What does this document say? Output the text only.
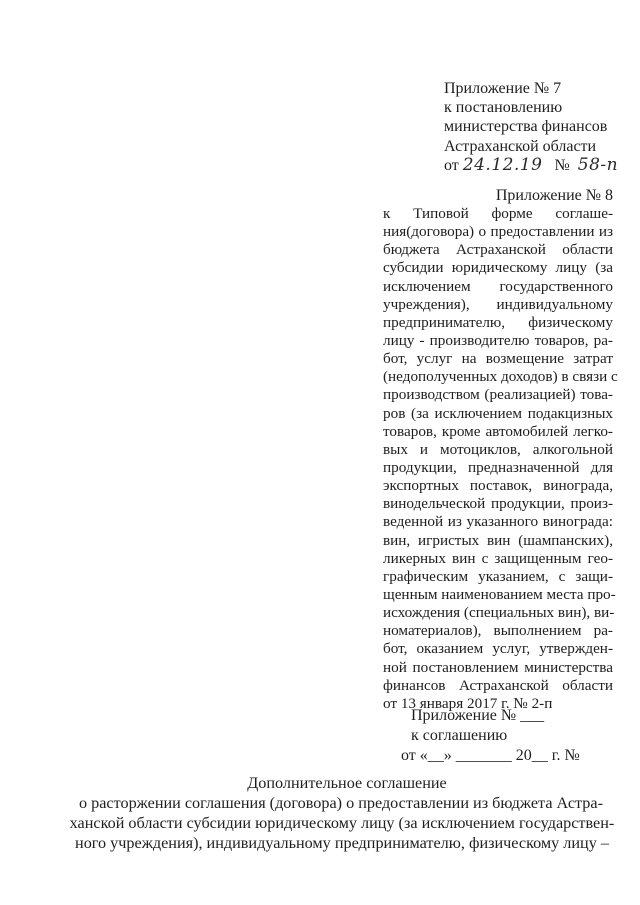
Приложение № 7
к постановлению
министерства финансов
Астраханской области
от 24.12.19 № 58-п
Приложение № 8
к Типовой форме соглаше-
ния(договора) о предоставлении из
бюджета Астраханской области
субсидии юридическому лицу (за
исключением государственного
учреждения), индивидуальному
предпринимателю, физическому
лицу - производителю товаров, ра-
бот, услуг на возмещение затрат
(недополученных доходов) в связи с
производством (реализацией) това-
ров (за исключением подакцизных
товаров, кроме автомобилей легко-
вых и мотоциклов, алкогольной
продукции, предназначенной для
экспортных поставок, винограда,
винодельческой продукции, произ-
веденной из указанного винограда:
вин, игристых вин (шампанских),
ликерных вин с защищенным гео-
графическим указанием, с защи-
щенным наименованием места про-
исхождения (специальных вин), ви-
номатериалов), выполнением ра-
бот, оказанием услуг, утвержден-
ной постановлением министерства
финансов Астраханской области
от 13 января 2017 г. № 2-п
Приложение № ___
к соглашению
от «__» _______ 20__ г. №
Дополнительное соглашение
о расторжении соглашения (договора) о предоставлении из бюджета Астра-
ханской области субсидии юридическому лицу (за исключением государствен-
ного учреждения), индивидуальному предпринимателю, физическому лицу –
